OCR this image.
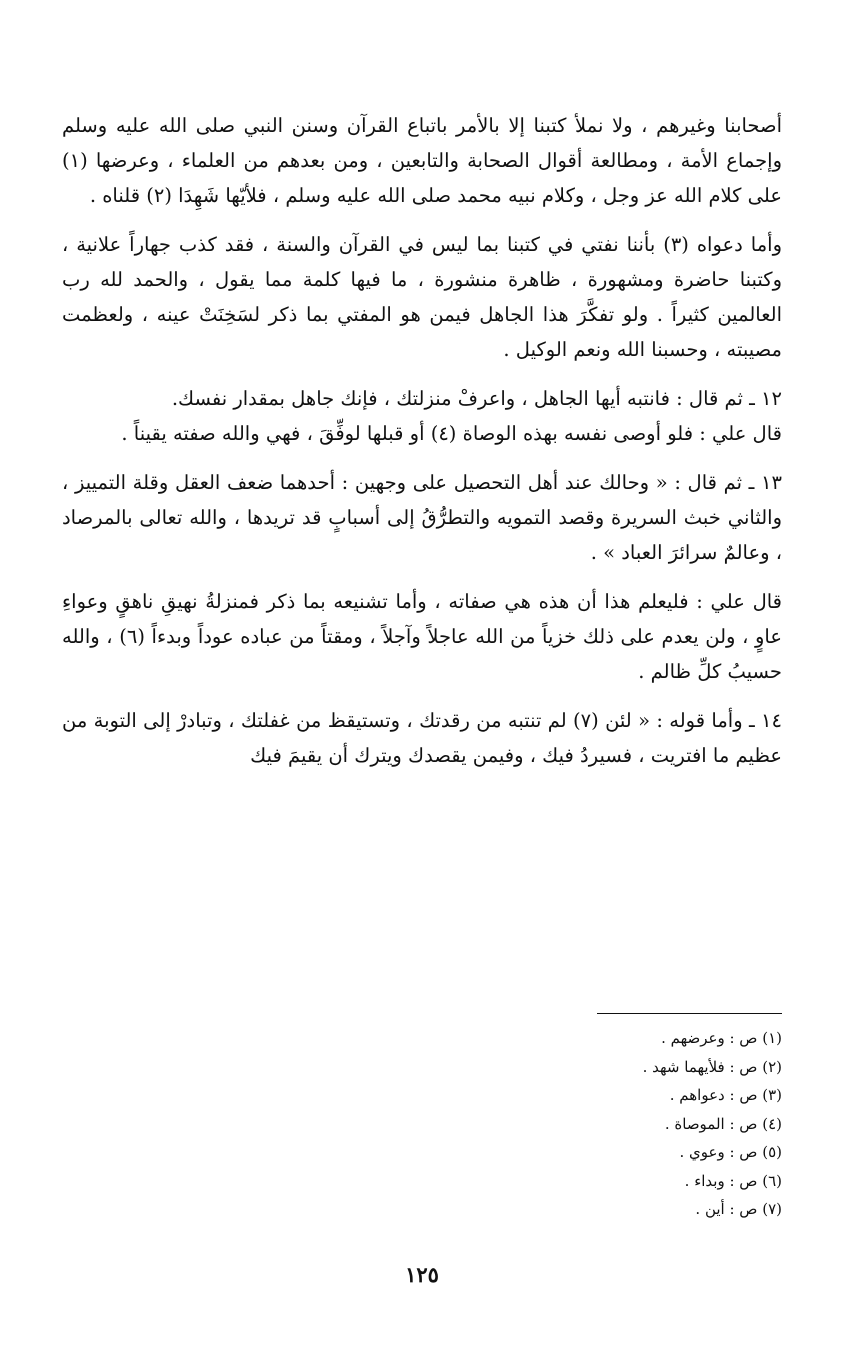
أصحابنا وغيرهم ، ولا نملأ كتبنا إلا بالأمر باتباع القرآن وسنن النبي صلى الله عليه وسلم وإجماع الأمة ، ومطالعة أقوال الصحابة والتابعين ، ومن بعدهم من العلماء ، وعرضها (١) على كلام الله عز وجل ، وكلام نبيه محمد صلى الله عليه وسلم ، فلأيّها شَهِدَا (٢) قلناه .

وأما دعواه (٣) بأننا نفتي في كتبنا بما ليس في القرآن والسنة ، فقد كذب جهاراً علانية ، وكتبنا حاضرة ومشهورة ، ظاهرة منشورة ، ما فيها كلمة مما يقول ، والحمد لله رب العالمين كثيراً . ولو تفكَّرَ هذا الجاهل فيمن هو المفتي بما ذكر لسَخِنَتْ عينه ، ولعظمت مصيبته ، وحسبنا الله ونعم الوكيل .

١٢ ـ ثم قال : فانتبه أيها الجاهل ، واعرفْ منزلتك ، فإنك جاهل بمقدار نفسك.

قال علي : فلو أوصى نفسه بهذه الوصاة (٤) أو قبلها لوفِّقَ ، فهي والله صفته يقيناً .

١٣ ـ ثم قال : « وحالك عند أهل التحصيل على وجهين : أحدهما ضعف العقل وقلة التمييز ، والثاني خبث السريرة وقصد التمويه والتطرُّقُ إلى أسبابٍ قد تريدها ، والله تعالى بالمرصاد ، وعالمٌ سرائرَ العباد » .

قال علي : فليعلم هذا أن هذه هي صفاته ، وأما تشنيعه بما ذكر فمنزلةُ نهيقِ ناهقٍ وعواءِ عاوٍ ، ولن يعدم على ذلك خزياً من الله عاجلاً وآجلاً ، ومقتاً من عباده عوداً وبدءاً (٦) ، والله حسيبُ كلِّ ظالم .

١٤ ـ وأما قوله : « لئن (٧) لم تنتبه من رقدتك ، وتستيقظ من غفلتك ، وتبادرْ إلى التوبة من عظيم ما افتريت ، فسيردُ فيك ، وفيمن يقصدك ويترك أن يقيمَ فيك

(١) ص : وعرضهم .
(٢) ص : فلأيهما شهد .
(٣) ص : دعواهم .
(٤) ص : الموصاة .
(٥) ص : وعوي .
(٦) ص : وبداء .
(٧) ص : أين .
١٢٥
